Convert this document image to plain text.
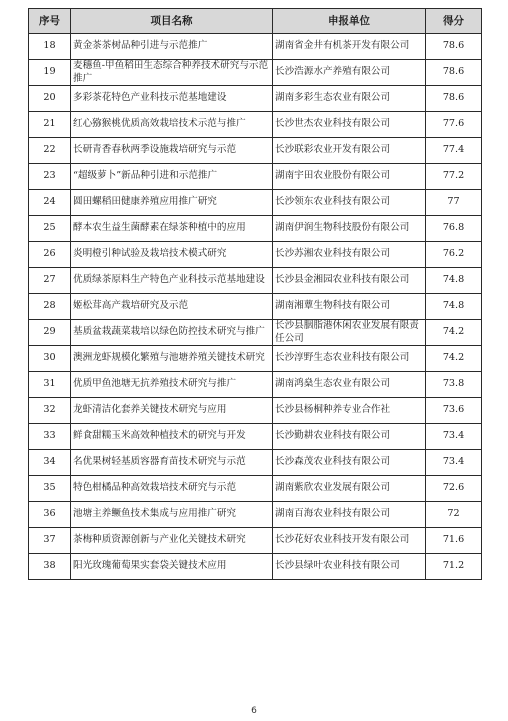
序号	项目名称	申报单位	得分
18	黄金茶茶树品种引进与示范推广	湖南省金井有机茶开发有限公司	78.6
19	麦穗鱼-甲鱼稻田生态综合种养技术研究与示范推广	长沙浩源水产养殖有限公司	78.6
20	多彩茶花特色产业科技示范基地建设	湖南多彩生态农业有限公司	78.6
21	红心猕猴桃优质高效栽培技术示范与推广	长沙世杰农业科技有限公司	77.6
22	长研青香春秋两季设施栽培研究与示范	长沙联彩农业开发有限公司	77.4
23	“超级萝卜”新品种引进和示范推广	湖南宇田农业股份有限公司	77.2
24	圆田螺稻田健康养殖应用推广研究	长沙领东农业科技有限公司	77
25	酵本农生益生菌酵素在绿茶种植中的应用	湖南伊润生物科技股份有限公司	76.8
26	炎明橙引种试验及栽培技术模式研究	长沙苏湘农业科技有限公司	76.2
27	优质绿茶原料生产特色产业科技示范基地建设	长沙县金湘园农业科技有限公司	74.8
28	姬松茸高产栽培研究及示范	湖南湘蕈生物科技有限公司	74.8
29	基质盆栽蔬菜栽培以绿色防控技术研究与推广	长沙县胭脂港休闲农业发展有限责任公司	74.2
30	澳洲龙虾规模化繁殖与池塘养殖关键技术研究	长沙淳野生态农业科技有限公司	74.2
31	优质甲鱼池塘无抗养殖技术研究与推广	湖南鸿燊生态农业有限公司	73.8
32	龙虾清洁化套养关键技术研究与应用	长沙县杨桐种养专业合作社	73.6
33	鲜食甜糯玉米高效种植技术的研究与开发	长沙勤耕农业科技有限公司	73.4
34	名优果树轻基质容器育苗技术研究与示范	长沙森茂农业科技有限公司	73.4
35	特色柑橘品种高效栽培技术研究与示范	湖南紫欣农业发展有限公司	72.6
36	池塘主养鳜鱼技术集成与应用推广研究	湖南百海农业科技有限公司	72
37	茶梅种质资源创新与产业化关键技术研究	长沙花好农业科技开发有限公司	71.6
38	阳光玫瑰葡萄果实套袋关键技术应用	长沙县绿叶农业科技有限公司	71.2
6
